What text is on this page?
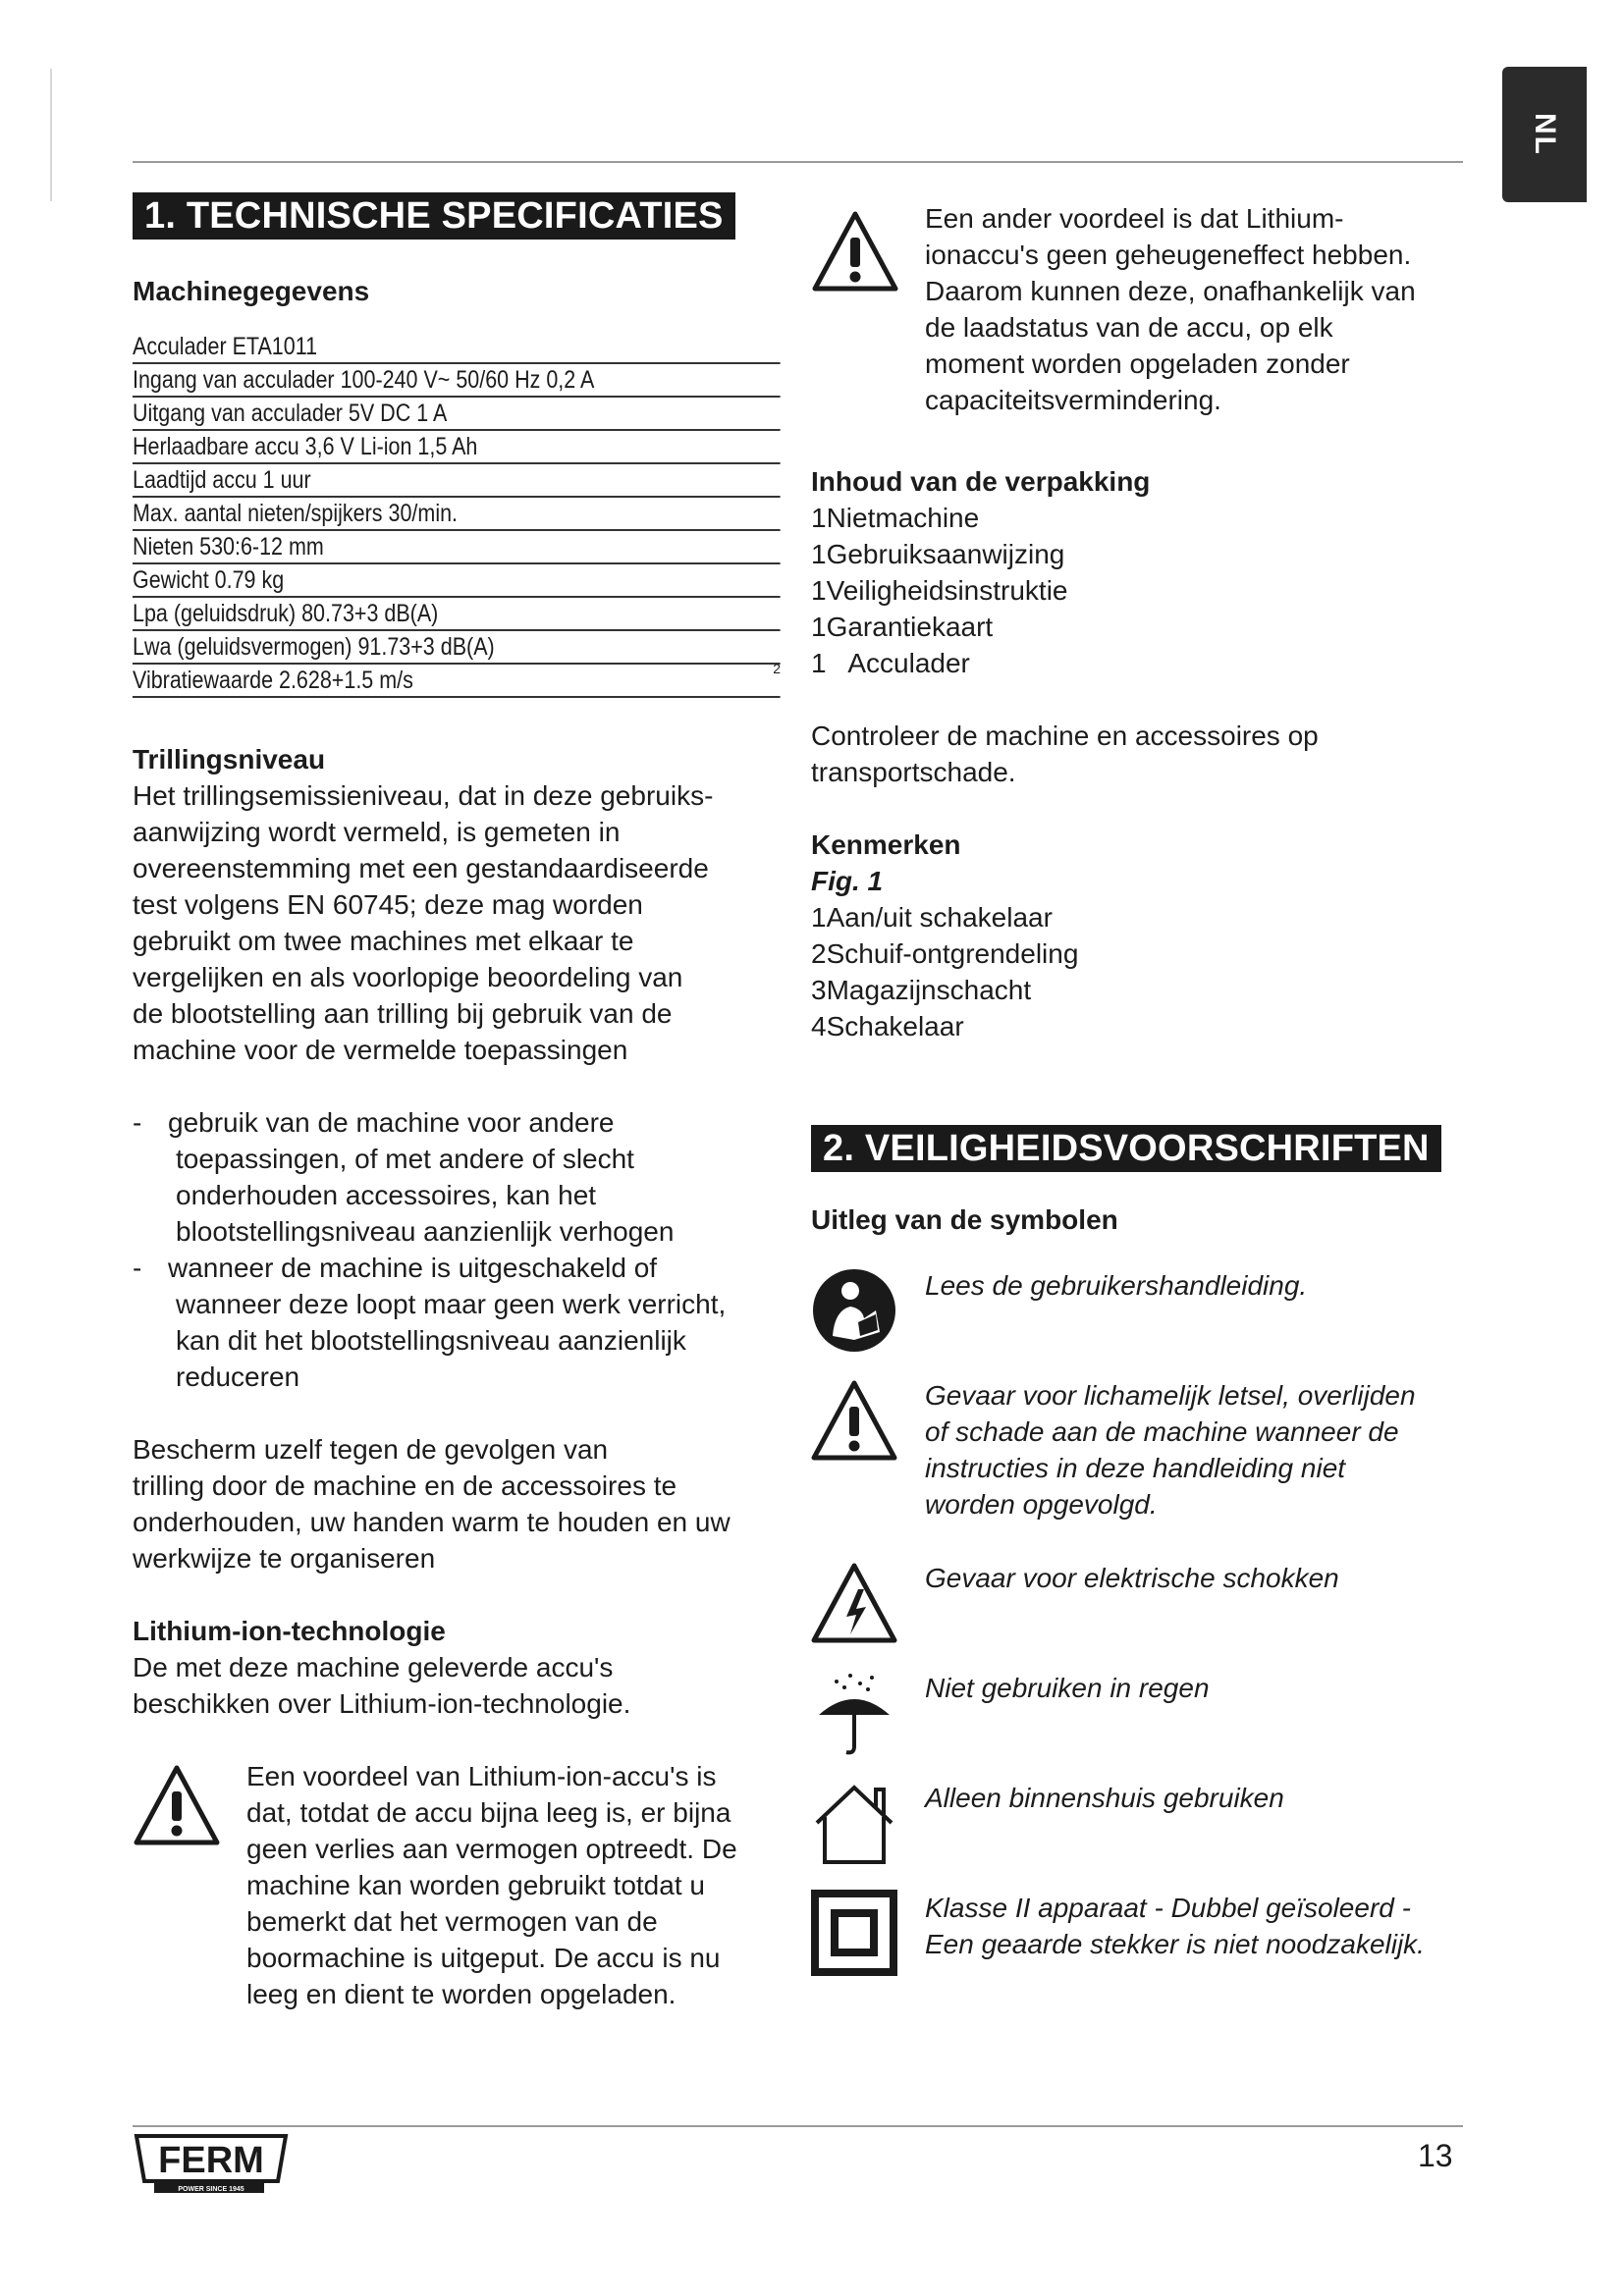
NL
1. TECHNISCHE SPECIFICATIES
Machinegegevens
Acculader ETA1011
Ingang van acculader 100-240 V~ 50/60 Hz 0,2 A
Uitgang van acculader 5V DC 1 A
Herlaadbare accu 3,6 V Li-ion 1,5 Ah
Laadtijd accu 1 uur
Max. aantal nieten/spijkers 30/min.
Nieten 530:6-12 mm
Gewicht 0.79 kg
Lpa (geluidsdruk) 80.73+3 dB(A)
Lwa (geluidsvermogen) 91.73+3 dB(A)
Vibratiewaarde 2.628+1.5 m/s	2
Trillingsniveau

Het trillingsemissieniveau, dat in deze gebruiks-

aanwijzing wordt vermeld, is gemeten in

overeenstemming met een gestandaardiseerde

test volgens EN 60745; deze mag worden

gebruikt om twee machines met elkaar te

vergelijken en als voorlopige beoordeling van

de blootstelling aan trilling bij gebruik van de

machine voor de vermelde toepassingen

- gebruik van de machine voor andere
toepassingen, of met andere of slecht
onderhouden accessoires, kan het
blootstellingsniveau aanzienlijk verhogen
- wanneer de machine is uitgeschakeld of
wanneer deze loopt maar geen werk verricht,
kan dit het blootstellingsniveau aanzienlijk
reduceren

Bescherm uzelf tegen de gevolgen van

trilling door de machine en de accessoires te

onderhouden, uw handen warm te houden en uw

werkwijze te organiseren

Lithium-ion-technologie

De met deze machine geleverde accu's

beschikken over Lithium-ion-technologie.

Een voordeel van Lithium-ion-accu's is

dat, totdat de accu bijna leeg is, er bijna

geen verlies aan vermogen optreedt. De

machine kan worden gebruikt totdat u

bemerkt dat het vermogen van de

boormachine is uitgeput. De accu is nu

leeg en dient te worden opgeladen.

Een ander voordeel is dat Lithium-

ionaccu's geen geheugeneffect hebben.

Daarom kunnen deze, onafhankelijk van

de laadstatus van de accu, op elk

moment worden opgeladen zonder

capaciteitsvermindering.

Inhoud van de verpakking

1Nietmachine

1Gebruiksaanwijzing

1Veiligheidsinstruktie

1Garantiekaart

1   Acculader

Controleer de machine en accessoires op

transportschade.

Kenmerken

Fig. 1

1Aan/uit schakelaar

2Schuif-ontgrendeling

3Magazijnschacht

4Schakelaar

2. VEILIGHEIDSVOORSCHRIFTEN
Uitleg van de symbolen
Lees de gebruikershandleiding.
Gevaar voor lichamelijk letsel, overlijden
of schade aan de machine wanneer de
instructies in deze handleiding niet
worden opgevolgd.
Gevaar voor elektrische schokken
Niet gebruiken in regen
Alleen binnenshuis gebruiken
Klasse II apparaat - Dubbel geïsoleerd -
Een geaarde stekker is niet noodzakelijk.
FERM
POWER SINCE 1945
13
